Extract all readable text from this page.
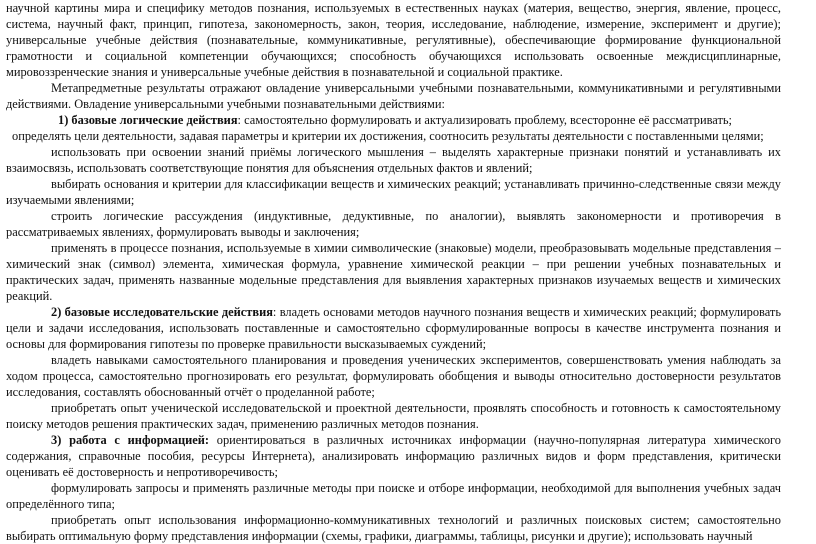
научной картины мира и специфику методов познания, используемых в естественных науках (материя, вещество, энергия, явление, процесс, система, научный факт, принцип, гипотеза, закономерность, закон, теория, исследование, наблюдение, измерение, эксперимент и другие); универсальные учебные действия (познавательные, коммуникативные, регулятивные), обеспечивающие формирование функциональной грамотности и социальной компетенции обучающихся; способность обучающихся использовать освоенные междисциплинарные, мировоззренческие знания и универсальные учебные действия в познавательной и социальной практике.

Метапредметные результаты отражают овладение универсальными учебными познавательными, коммуникативными и регулятивными действиями. Овладение универсальными учебными познавательными действиями:

1) базовые логические действия: самостоятельно формулировать и актуализировать проблему, всесторонне её рассматривать;

определять цели деятельности, задавая параметры и критерии их достижения, соотносить результаты деятельности с поставленными целями;

использовать при освоении знаний приёмы логического мышления – выделять характерные признаки понятий и устанавливать их взаимосвязь, использовать соответствующие понятия для объяснения отдельных фактов и явлений;

выбирать основания и критерии для классификации веществ и химических реакций; устанавливать причинно-следственные связи между изучаемыми явлениями;

строить логические рассуждения (индуктивные, дедуктивные, по аналогии), выявлять закономерности и противоречия в рассматриваемых явлениях, формулировать выводы и заключения;

применять в процессе познания, используемые в химии символические (знаковые) модели, преобразовывать модельные представления – химический знак (символ) элемента, химическая формула, уравнение химической реакции – при решении учебных познавательных и практических задач, применять названные модельные представления для выявления характерных признаков изучаемых веществ и химических реакций.

2) базовые исследовательские действия: владеть основами методов научного познания веществ и химических реакций; формулировать цели и задачи исследования, использовать поставленные и самостоятельно сформулированные вопросы в качестве инструмента познания и основы для формирования гипотезы по проверке правильности высказываемых суждений;

владеть навыками самостоятельного планирования и проведения ученических экспериментов, совершенствовать умения наблюдать за ходом процесса, самостоятельно прогнозировать его результат, формулировать обобщения и выводы относительно достоверности результатов исследования, составлять обоснованный отчёт о проделанной работе;

приобретать опыт ученической исследовательской и проектной деятельности, проявлять способность и готовность к самостоятельному поиску методов решения практических задач, применению различных методов познания.

3) работа с информацией: ориентироваться в различных источниках информации (научно-популярная литература химического содержания, справочные пособия, ресурсы Интернета), анализировать информацию различных видов и форм представления, критически оценивать её достоверность и непротиворечивость;

формулировать запросы и применять различные методы при поиске и отборе информации, необходимой для выполнения учебных задач определённого типа;

приобретать опыт использования информационно-коммуникативных технологий и различных поисковых систем; самостоятельно выбирать оптимальную форму представления информации (схемы, графики, диаграммы, таблицы, рисунки и другие); использовать научный
